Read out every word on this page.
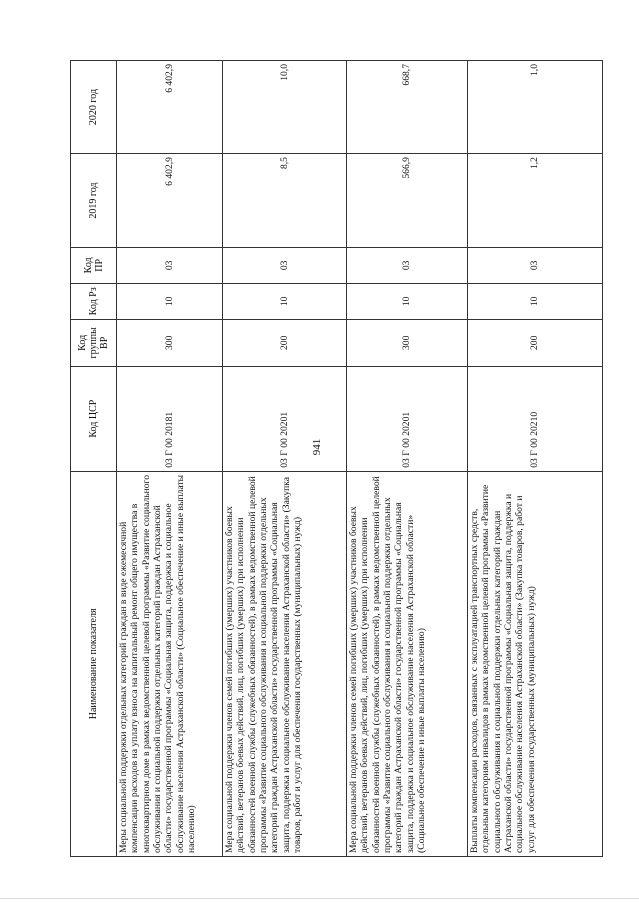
941
Наименование показателя	Код ЦСР	Код группы ВР	Код Рз	Код ПР	2019 год	2020 год
Меры социальной поддержки отдельных категорий граждан в виде ежемесячной компенсации расходов на уплату взноса на капитальный ремонт общего имущества в многоквартирном доме в рамках ведомственной целевой программы «Развитие социального обслуживания и социальной поддержки отдельных категорий граждан Астраханской области» государственной программы «Социальная защита, поддержка и социальное обслуживание населения Астраханской области» (Социальное обеспечение и иные выплаты населению)	03 Г 00 20181	300	10	03	6 402,9	6 402,9
Мера социальной поддержки членов семей погибших (умерших) участников боевых действий, ветеранов боевых действий, лиц, погибших (умерших) при исполнении обязанностей военной службы (служебных обязанностей), в рамках ведомственной целевой программы «Развитие социального обслуживания и социальной поддержки отдельных категорий граждан Астраханской области» государственной программы «Социальная защита, поддержка и социальное обслуживание населения Астраханской области» (Закупка товаров, работ и услуг для обеспечения государственных (муниципальных) нужд)	03 Г 00 20201	200	10	03	8,5	10,0
Мера социальной поддержки членов семей погибших (умерших) участников боевых действий, ветеранов боевых действий, лиц, погибших (умерших) при исполнении обязанностей военной службы (служебных обязанностей), в рамках ведомственной целевой программы «Развитие социального обслуживания и социальной поддержки отдельных категорий граждан Астраханской области» государственной программы «Социальная защита, поддержка и социальное обслуживание населения Астраханской области» (Социальное обеспечение и иные выплаты населению)	03 Г 00 20201	300	10	03	566,9	668,7
Выплаты компенсации расходов, связанных с эксплуатацией транспортных средств, отдельным категориям инвалидов в рамках ведомственной целевой программы «Развитие социального обслуживания и социальной поддержки отдельных категорий граждан Астраханской области» государственной программы «Социальная защита, поддержка и социальное обслуживание населения Астраханской области» (Закупка товаров, работ и услуг для обеспечения государственных (муниципальных) нужд)	03 Г 00 20210	200	10	03	1,2	1,0
